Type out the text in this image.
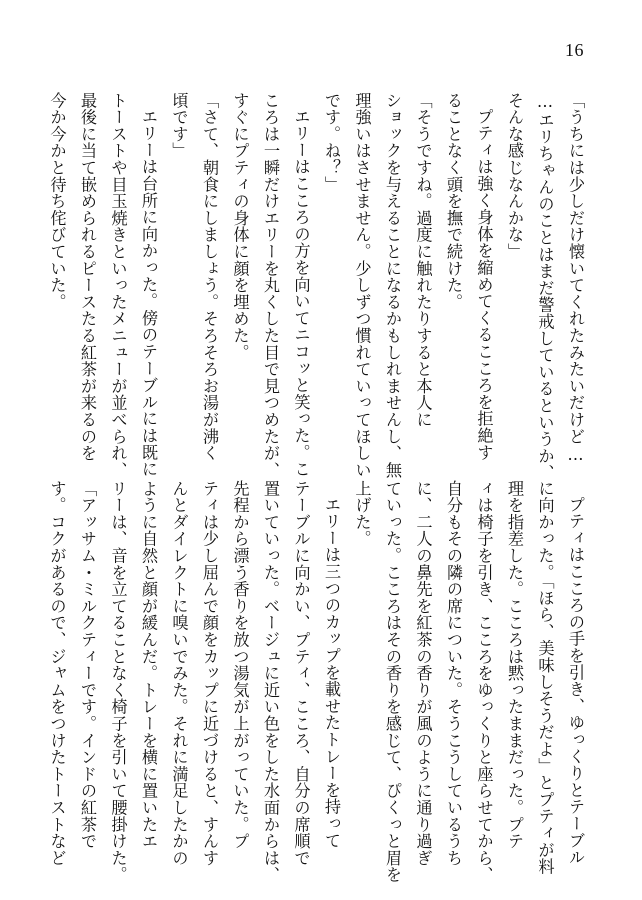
16
「うちには少しだけ懐いてくれたみたいだけど…
…エリちゃんのことはまだ警戒しているというか、
そんな感じなんかな」
プティは強く身体を縮めてくるこころを拒絶す
ることなく頭を撫で続けた。
「そうですね。過度に触れたりすると本人に
ショックを与えることになるかもしれませんし、無
理強いはさせません。少しずつ慣れていってほしい
です。ね？」
エリーはこころの方を向いてニコッと笑った。こ
ころは一瞬だけエリーを丸くした目で見つめたが、
すぐにプティの身体に顔を埋めた。
「さて、朝食にしましょう。そろそろお湯が沸く
頃です」
エリーは台所に向かった。傍のテーブルには既に
トーストや目玉焼きといったメニューが並べられ、
最後に当て嵌められるピースたる紅茶が来るのを
今か今かと待ち侘びていた。
プティはこころの手を引き、ゆっくりとテーブル
に向かった。「ほら、美味しそうだよ」とプティが料
理を指差した。こころは黙ったままだった。プテ
ィは椅子を引き、こころをゆっくりと座らせてから、
自分もその隣の席についた。そうこうしているうち
に、二人の鼻先を紅茶の香りが風のように通り過ぎ
ていった。こころはその香りを感じて、ぴくっと眉を
上げた。
エリーは三つのカップを載せたトレーを持って
テーブルに向かい、プティ、こころ、自分の席順で
置いていった。ベージュに近い色をした水面からは、
先程から漂う香りを放つ湯気が上がっていた。プ
ティは少し屈んで顔をカップに近づけると、すんす
んとダイレクトに嗅いでみた。それに満足したかの
ように自然と顔が緩んだ。トレーを横に置いたエ
リーは、音を立てることなく椅子を引いて腰掛けた。
「アッサム・ミルクティーです。インドの紅茶で
す。コクがあるので、ジャムをつけたトーストなど
